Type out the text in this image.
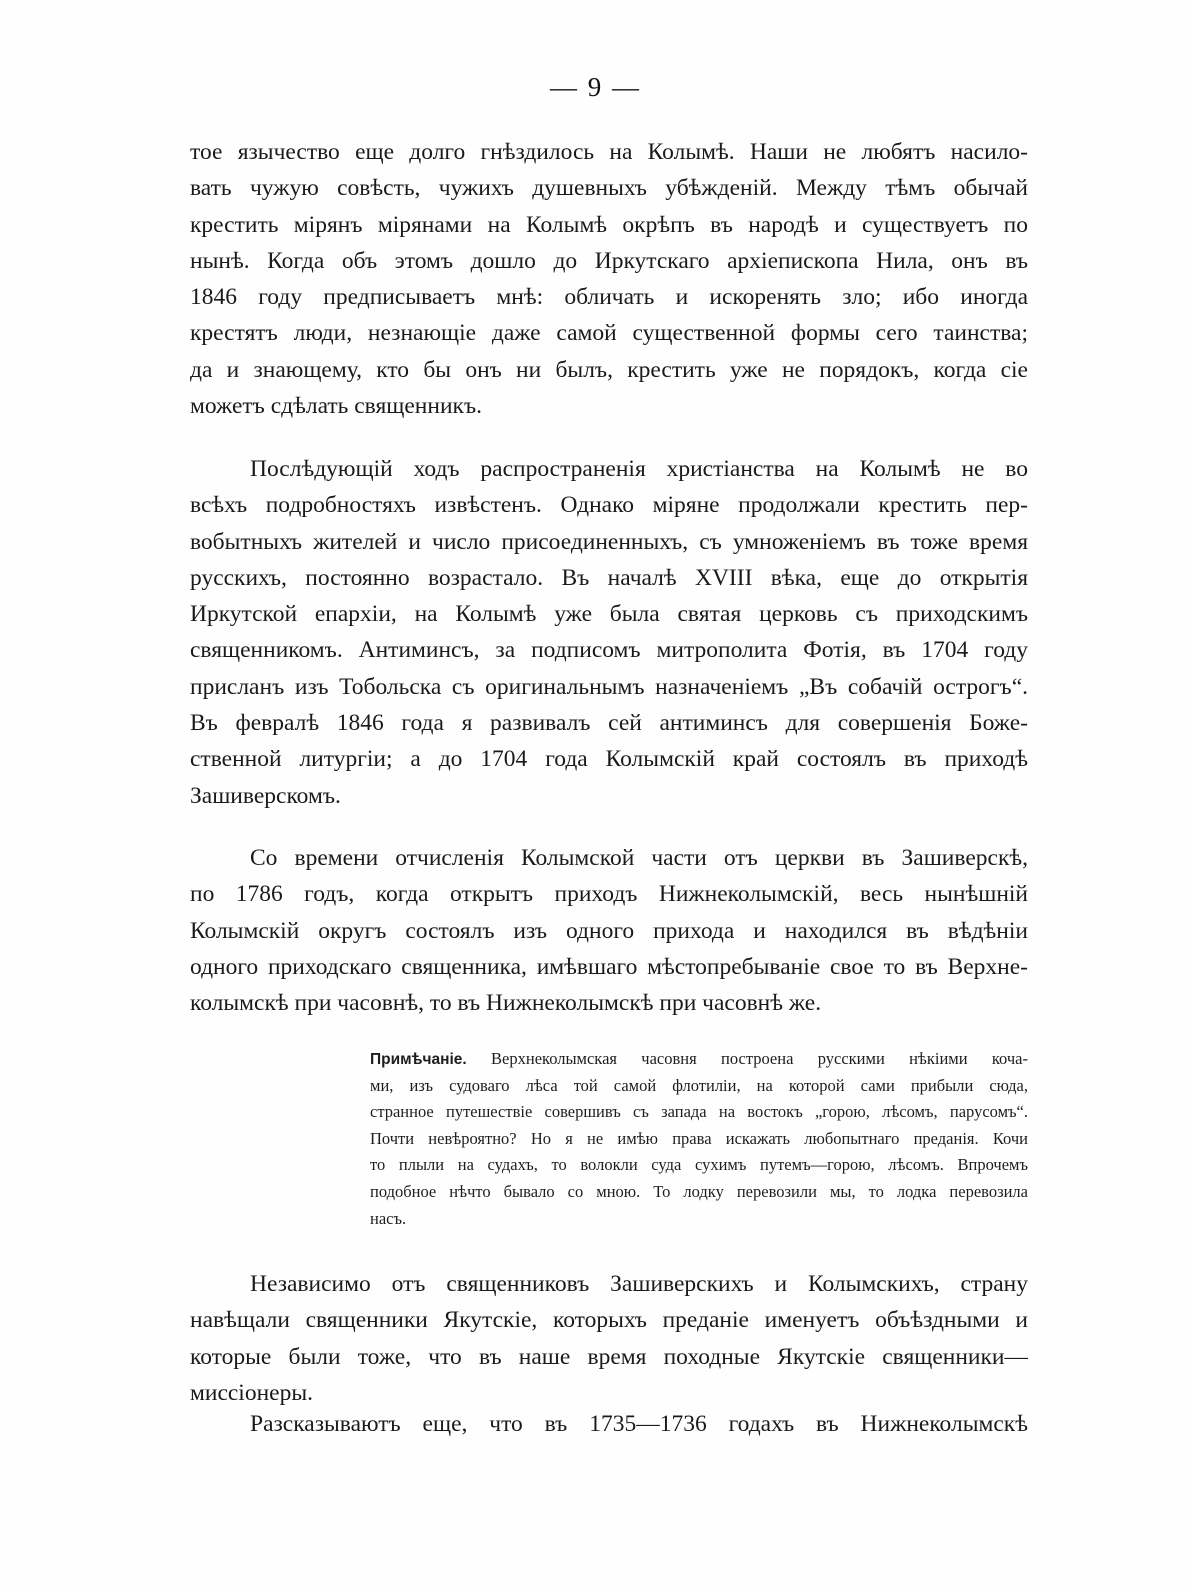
— 9 —

тое язычество еще долго гнѣздилось на Колымѣ. Наши не любятъ насило-
вать чужую совѣсть, чужихъ душевныхъ убѣжденій. Между тѣмъ обычай
крестить мірянъ мірянами на Колымѣ окрѣпъ въ народѣ и существуетъ по
нынѣ. Когда объ этомъ дошло до Иркутскаго архіепископа Нила, онъ въ
1846 году предписываетъ мнѣ: обличать и искоренять зло; ибо иногда
крестятъ люди, незнающіе даже самой существенной формы сего таинства;
да и знающему, кто бы онъ ни былъ, крестить уже не порядокъ, когда сіе
можетъ сдѣлать священникъ.

Послѣдующій ходъ распространенія христіанства на Колымѣ не во
всѣхъ подробностяхъ извѣстенъ. Однако міряне продолжали крестить пер-
вобытныхъ жителей и число присоединенныхъ, съ умноженіемъ въ тоже время
русскихъ, постоянно возрастало. Въ началѣ XVIII вѣка, еще до открытія
Иркутской епархіи, на Колымѣ уже была святая церковь съ приходскимъ
священникомъ. Антиминсъ, за подписомъ митрополита Фотія, въ 1704 году
присланъ изъ Тобольска съ оригинальнымъ назначеніемъ „Въ собачій острогъ“.
Въ февралѣ 1846 года я развивалъ сей антиминсъ для совершенія Боже-
ственной литургіи; а до 1704 года Колымскій край состоялъ въ приходѣ
Зашиверскомъ.

Со времени отчисленія Колымской части отъ церкви въ Зашиверскѣ,
по 1786 годъ, когда открытъ приходъ Нижнеколымскій, весь нынѣшній
Колымскій округъ состоялъ изъ одного прихода и находился въ вѣдѣніи
одного приходскаго священника, имѣвшаго мѣстопребываніе свое то въ Верхне-
колымскѣ при часовнѣ, то въ Нижнеколымскѣ при часовнѣ же.

Примѣчаніе. Верхнеколымская часовня построена русскими нѣкіими коча-
ми, изъ судоваго лѣса той самой флотиліи, на которой сами прибыли сюда,
странное путешествіе совершивъ съ запада на востокъ „горою, лѣсомъ, парусомъ“.
Почти невѣроятно? Но я не имѣю права искажать любопытнаго преданія. Кочи
то плыли на судахъ, то волокли суда сухимъ путемъ—горою, лѣсомъ. Впрочемъ
подобное нѣчто бывало со мною. То лодку перевозили мы, то лодка перевозила
насъ.

Независимо отъ священниковъ Зашиверскихъ и Колымскихъ, страну
навѣщали священники Якутскіе, которыхъ преданіе именуетъ объѣздными и
которые были тоже, что въ наше время походные Якутскіе священники—
миссіонеры.

Разсказываютъ еще, что въ 1735—1736 годахъ въ Нижнеколымскѣ
